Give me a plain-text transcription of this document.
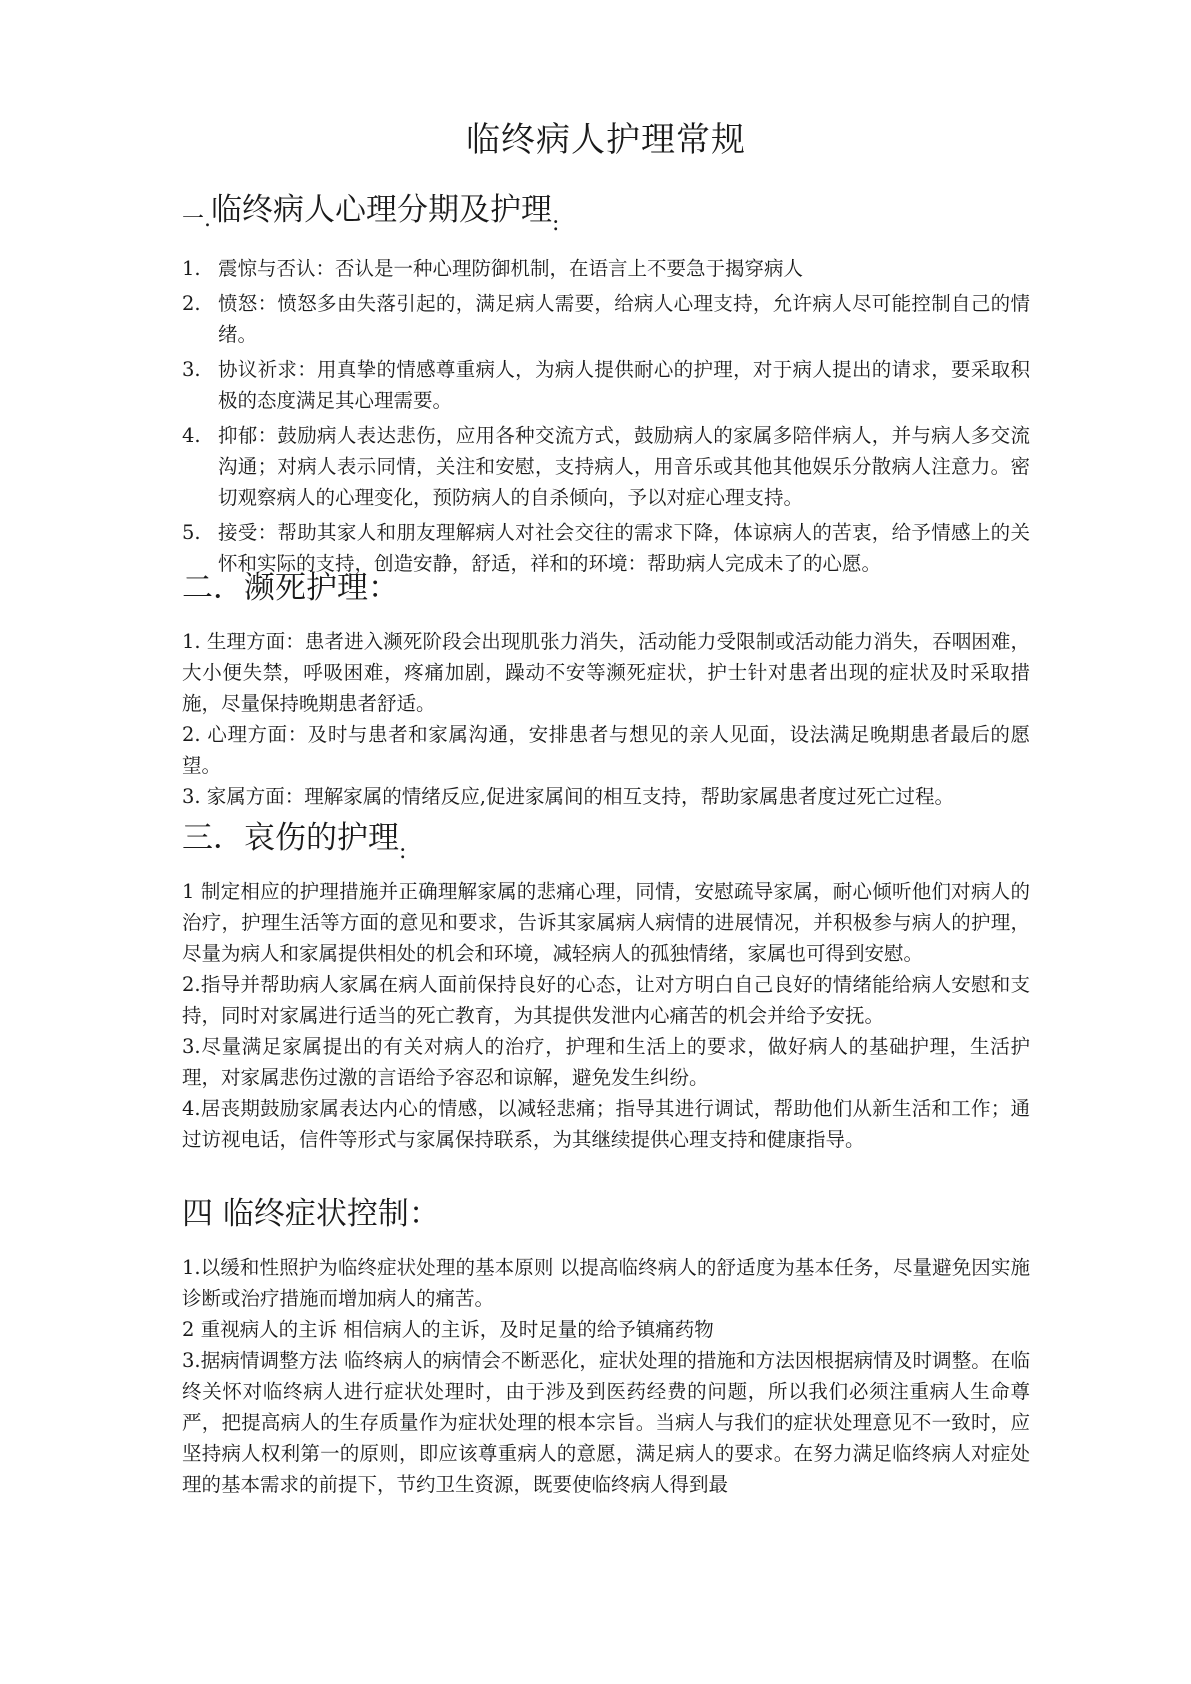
临终病人护理常规
一.临终病人心理分期及护理$_:$
1. 震惊与否认：否认是一种心理防御机制，在语言上不要急于揭穿病人
2. 愤怒：愤怒多由失落引起的，满足病人需要，给病人心理支持，允许病人尽可能控制自己的情绪。
3. 协议祈求：用真挚的情感尊重病人，为病人提供耐心的护理，对于病人提出的请求，要采取积极的态度满足其心理需要。
4. 抑郁：鼓励病人表达悲伤，应用各种交流方式，鼓励病人的家属多陪伴病人，并与病人多交流沟通；对病人表示同情，关注和安慰，支持病人，用音乐或其他其他娱乐分散病人注意力。密切观察病人的心理变化，预防病人的自杀倾向，予以对症心理支持。
5. 接受：帮助其家人和朋友理解病人对社会交往的需求下降，体谅病人的苦衷，给予情感上的关怀和实际的支持，创造安静，舒适，祥和的环境：帮助病人完成未了的心愿。
二．濒死护理：

1. 生理方面：患者进入濒死阶段会出现肌张力消失，活动能力受限制或活动能力消失，吞咽困难，大小便失禁，呼吸困难，疼痛加剧，躁动不安等濒死症状，护士针对患者出现的症状及时采取措施，尽量保持晚期患者舒适。

2. 心理方面：及时与患者和家属沟通，安排患者与想见的亲人见面，设法满足晚期患者最后的愿望。

3. 家属方面：理解家属的情绪反应,促进家属间的相互支持，帮助家属患者度过死亡过程。

三．哀伤的护理$_:$

1 制定相应的护理措施并正确理解家属的悲痛心理，同情，安慰疏导家属，耐心倾听他们对病人的治疗，护理生活等方面的意见和要求，告诉其家属病人病情的进展情况，并积极参与病人的护理，尽量为病人和家属提供相处的机会和环境，减轻病人的孤独情绪，家属也可得到安慰。

2.指导并帮助病人家属在病人面前保持良好的心态，让对方明白自己良好的情绪能给病人安慰和支持，同时对家属进行适当的死亡教育，为其提供发泄内心痛苦的机会并给予安抚。

3.尽量满足家属提出的有关对病人的治疗，护理和生活上的要求，做好病人的基础护理，生活护理，对家属悲伤过激的言语给予容忍和谅解，避免发生纠纷。

4.居丧期鼓励家属表达内心的情感，以减轻悲痛；指导其进行调试，帮助他们从新生活和工作；通过访视电话，信件等形式与家属保持联系，为其继续提供心理支持和健康指导。

四 临终症状控制：

1.以缓和性照护为临终症状处理的基本原则 以提高临终病人的舒适度为基本任务，尽量避免因实施诊断或治疗措施而增加病人的痛苦。

2 重视病人的主诉 相信病人的主诉，及时足量的给予镇痛药物

3.据病情调整方法 临终病人的病情会不断恶化，症状处理的措施和方法因根据病情及时调整。在临终关怀对临终病人进行症状处理时，由于涉及到医药经费的问题，所以我们必须注重病人生命尊严，把提高病人的生存质量作为症状处理的根本宗旨。当病人与我们的症状处理意见不一致时，应坚持病人权利第一的原则，即应该尊重病人的意愿，满足病人的要求。在努力满足临终病人对症处理的基本需求的前提下，节约卫生资源，既要使临终病人得到最
